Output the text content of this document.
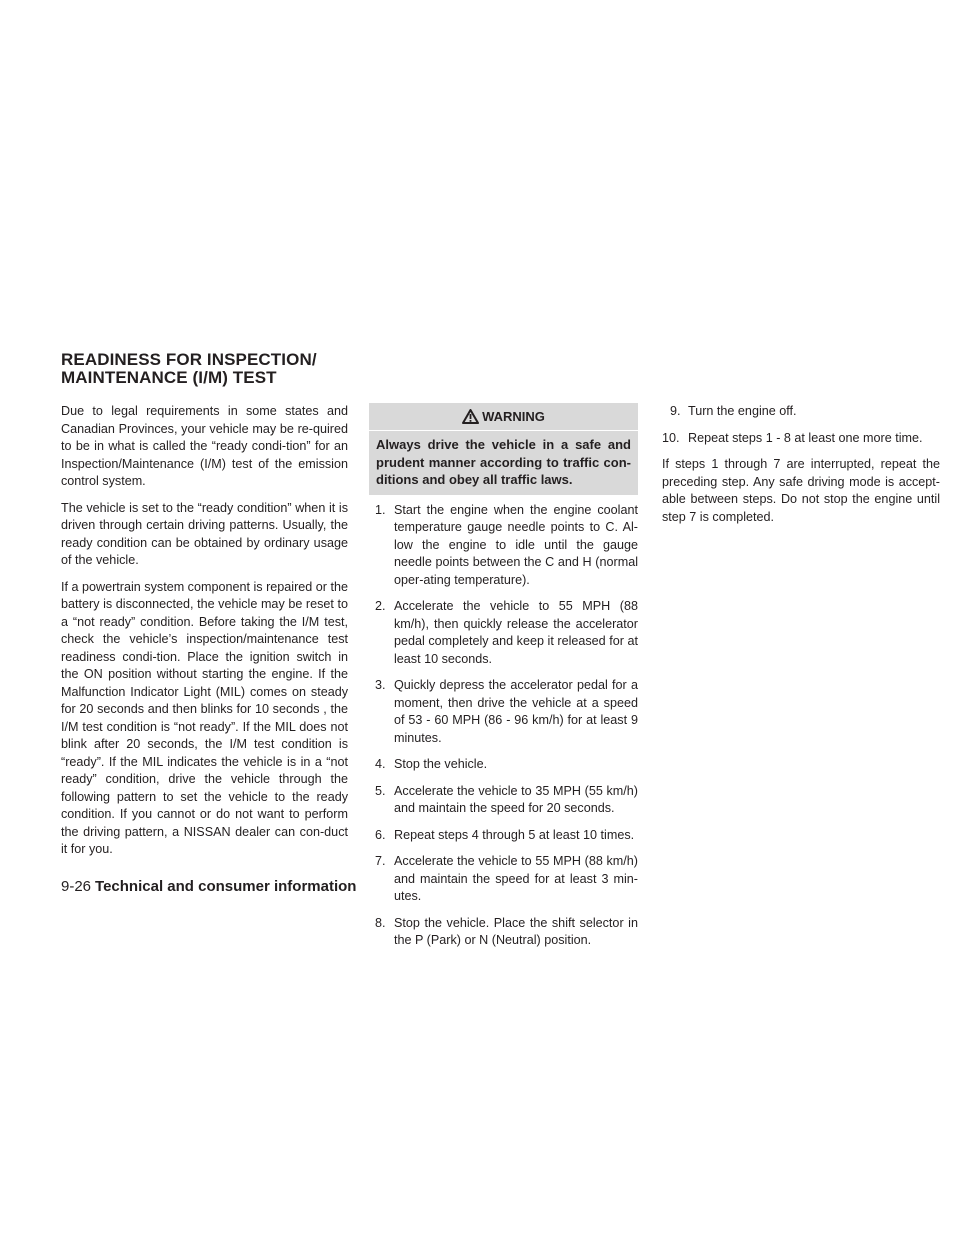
READINESS FOR INSPECTION/
MAINTENANCE (I/M) TEST

Due to legal requirements in some states and Canadian Provinces, your vehicle may be re-quired to be in what is called the “ready condi-tion” for an Inspection/Maintenance (I/M) test of the emission control system.

The vehicle is set to the “ready condition” when it is driven through certain driving patterns. Usually, the ready condition can be obtained by ordinary usage of the vehicle.

If a powertrain system component is repaired or the battery is disconnected, the vehicle may be reset to a “not ready” condition. Before taking the I/M test, check the vehicle’s inspection/maintenance test readiness condi-tion. Place the ignition switch in the ON position without starting the engine. If the Malfunction Indicator Light (MIL) comes on steady for 20 seconds and then blinks for 10 seconds , the I/M test condition is “not ready”. If the MIL does not blink after 20 seconds, the I/M test condition is “ready”. If the MIL indicates the vehicle is in a “not ready” condition, drive the vehicle through the following pattern to set the vehicle to the ready condition. If you cannot or do not want to perform the driving pattern, a NISSAN dealer can con-duct it for you.

WARNING
Always drive the vehicle in a safe and prudent manner according to traffic con-ditions and obey all traffic laws.
1. Start the engine when the engine coolant temperature gauge needle points to C. Al-low the engine to idle until the gauge needle points between the C and H (normal oper-ating temperature).
2. Accelerate the vehicle to 55 MPH (88 km/h), then quickly release the accelerator pedal completely and keep it released for at least 10 seconds.
3. Quickly depress the accelerator pedal for a moment, then drive the vehicle at a speed of 53 - 60 MPH (86 - 96 km/h) for at least 9 minutes.
4. Stop the vehicle.
5. Accelerate the vehicle to 35 MPH (55 km/h) and maintain the speed for 20 seconds.
6. Repeat steps 4 through 5 at least 10 times.
7. Accelerate the vehicle to 55 MPH (88 km/h) and maintain the speed for at least 3 min-utes.
8. Stop the vehicle. Place the shift selector in the P (Park) or N (Neutral) position.
9. Turn the engine off.
10. Repeat steps 1 - 8 at least one more time.

If steps 1 through 7 are interrupted, repeat the preceding step. Any safe driving mode is accept-able between steps. Do not stop the engine until step 7 is completed.

9-26 Technical and consumer information
